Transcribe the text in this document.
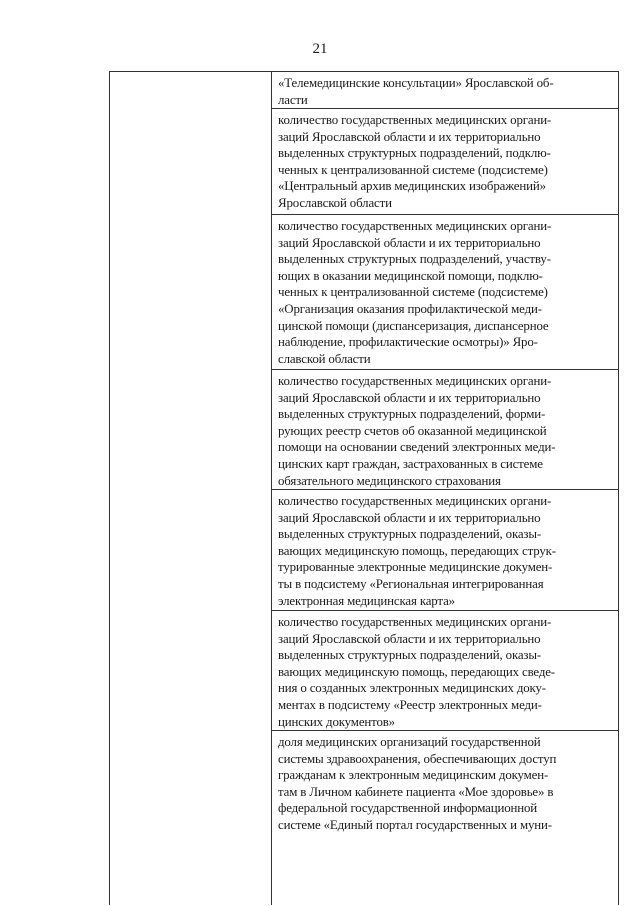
21
«Телемедицинские консультации» Ярославской об-
ласти
количество государственных медицинских органи-
заций Ярославской области и их территориально
выделенных структурных подразделений, подклю-
ченных к централизованной системе (подсистеме)
«Центральный архив медицинских изображений»
Ярославской области
количество государственных медицинских органи-
заций Ярославской области и их территориально
выделенных структурных подразделений, участву-
ющих в оказании медицинской помощи, подклю-
ченных к централизованной системе (подсистеме)
«Организация оказания профилактической меди-
цинской помощи (диспансеризация, диспансерное
наблюдение, профилактические осмотры)» Яро-
славской области
количество государственных медицинских органи-
заций Ярославской области и их территориально
выделенных структурных подразделений, форми-
рующих реестр счетов об оказанной медицинской
помощи на основании сведений электронных меди-
цинских карт граждан, застрахованных в системе
обязательного медицинского страхования
количество государственных медицинских органи-
заций Ярославской области и их территориально
выделенных структурных подразделений, оказы-
вающих медицинскую помощь, передающих струк-
турированные электронные медицинские докумен-
ты в подсистему «Региональная интегрированная
электронная медицинская карта»
количество государственных медицинских органи-
заций Ярославской области и их территориально
выделенных структурных подразделений, оказы-
вающих медицинскую помощь, передающих сведе-
ния о созданных электронных медицинских доку-
ментах в подсистему «Реестр электронных меди-
цинских документов»
доля медицинских организаций государственной
системы здравоохранения, обеспечивающих доступ
гражданам к электронным медицинским докумен-
там в Личном кабинете пациента «Мое здоровье» в
федеральной государственной информационной
системе «Единый портал государственных и муни-
